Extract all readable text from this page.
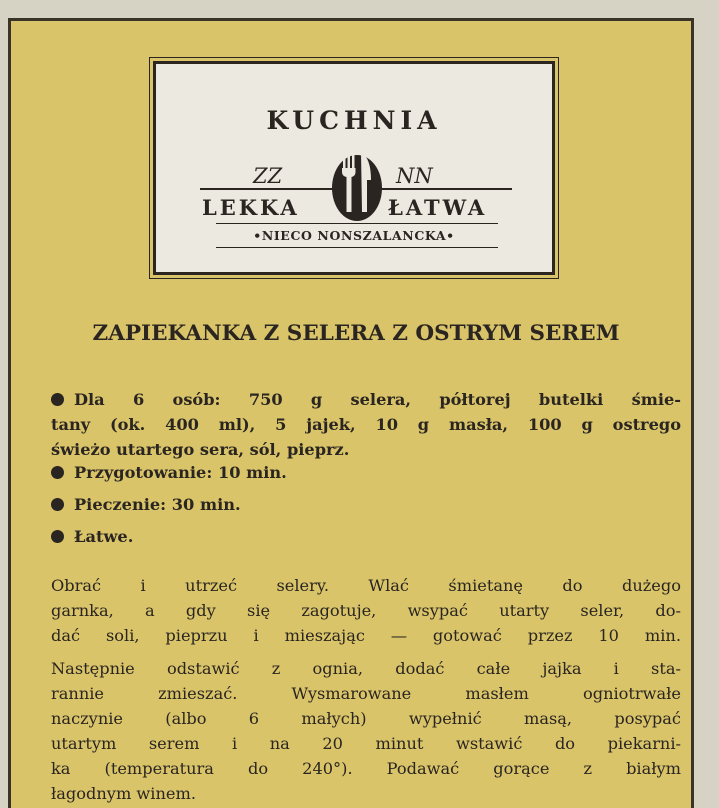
KUCHNIA
ZZ	NN
LEKKA	ŁATWA
•NIECO NONSZALANCKA•
ZAPIEKANKA Z SELERA Z OSTRYM SEREM
Dla 6 osób: 750 g selera, półtorej butelki śmie-
tany (ok. 400 ml), 5 jajek, 10 g masła, 100 g ostrego
świeżo utartego sera, sól, pieprz.
Przygotowanie: 10 min.
Pieczenie: 30 min.
Łatwe.
Obrać i utrzeć selery. Wlać śmietanę do dużego
garnka, a gdy się zagotuje, wsypać utarty seler, do-
dać soli, pieprzu i mieszając — gotować przez 10 min.
Następnie odstawić z ognia, dodać całe jajka i sta-
rannie zmieszać. Wysmarowane masłem ogniotrwałe
naczynie (albo 6 małych) wypełnić masą, posypać
utartym serem i na 20 minut wstawić do piekarni-
ka (temperatura do 240°). Podawać gorące z białym
łagodnym winem.
